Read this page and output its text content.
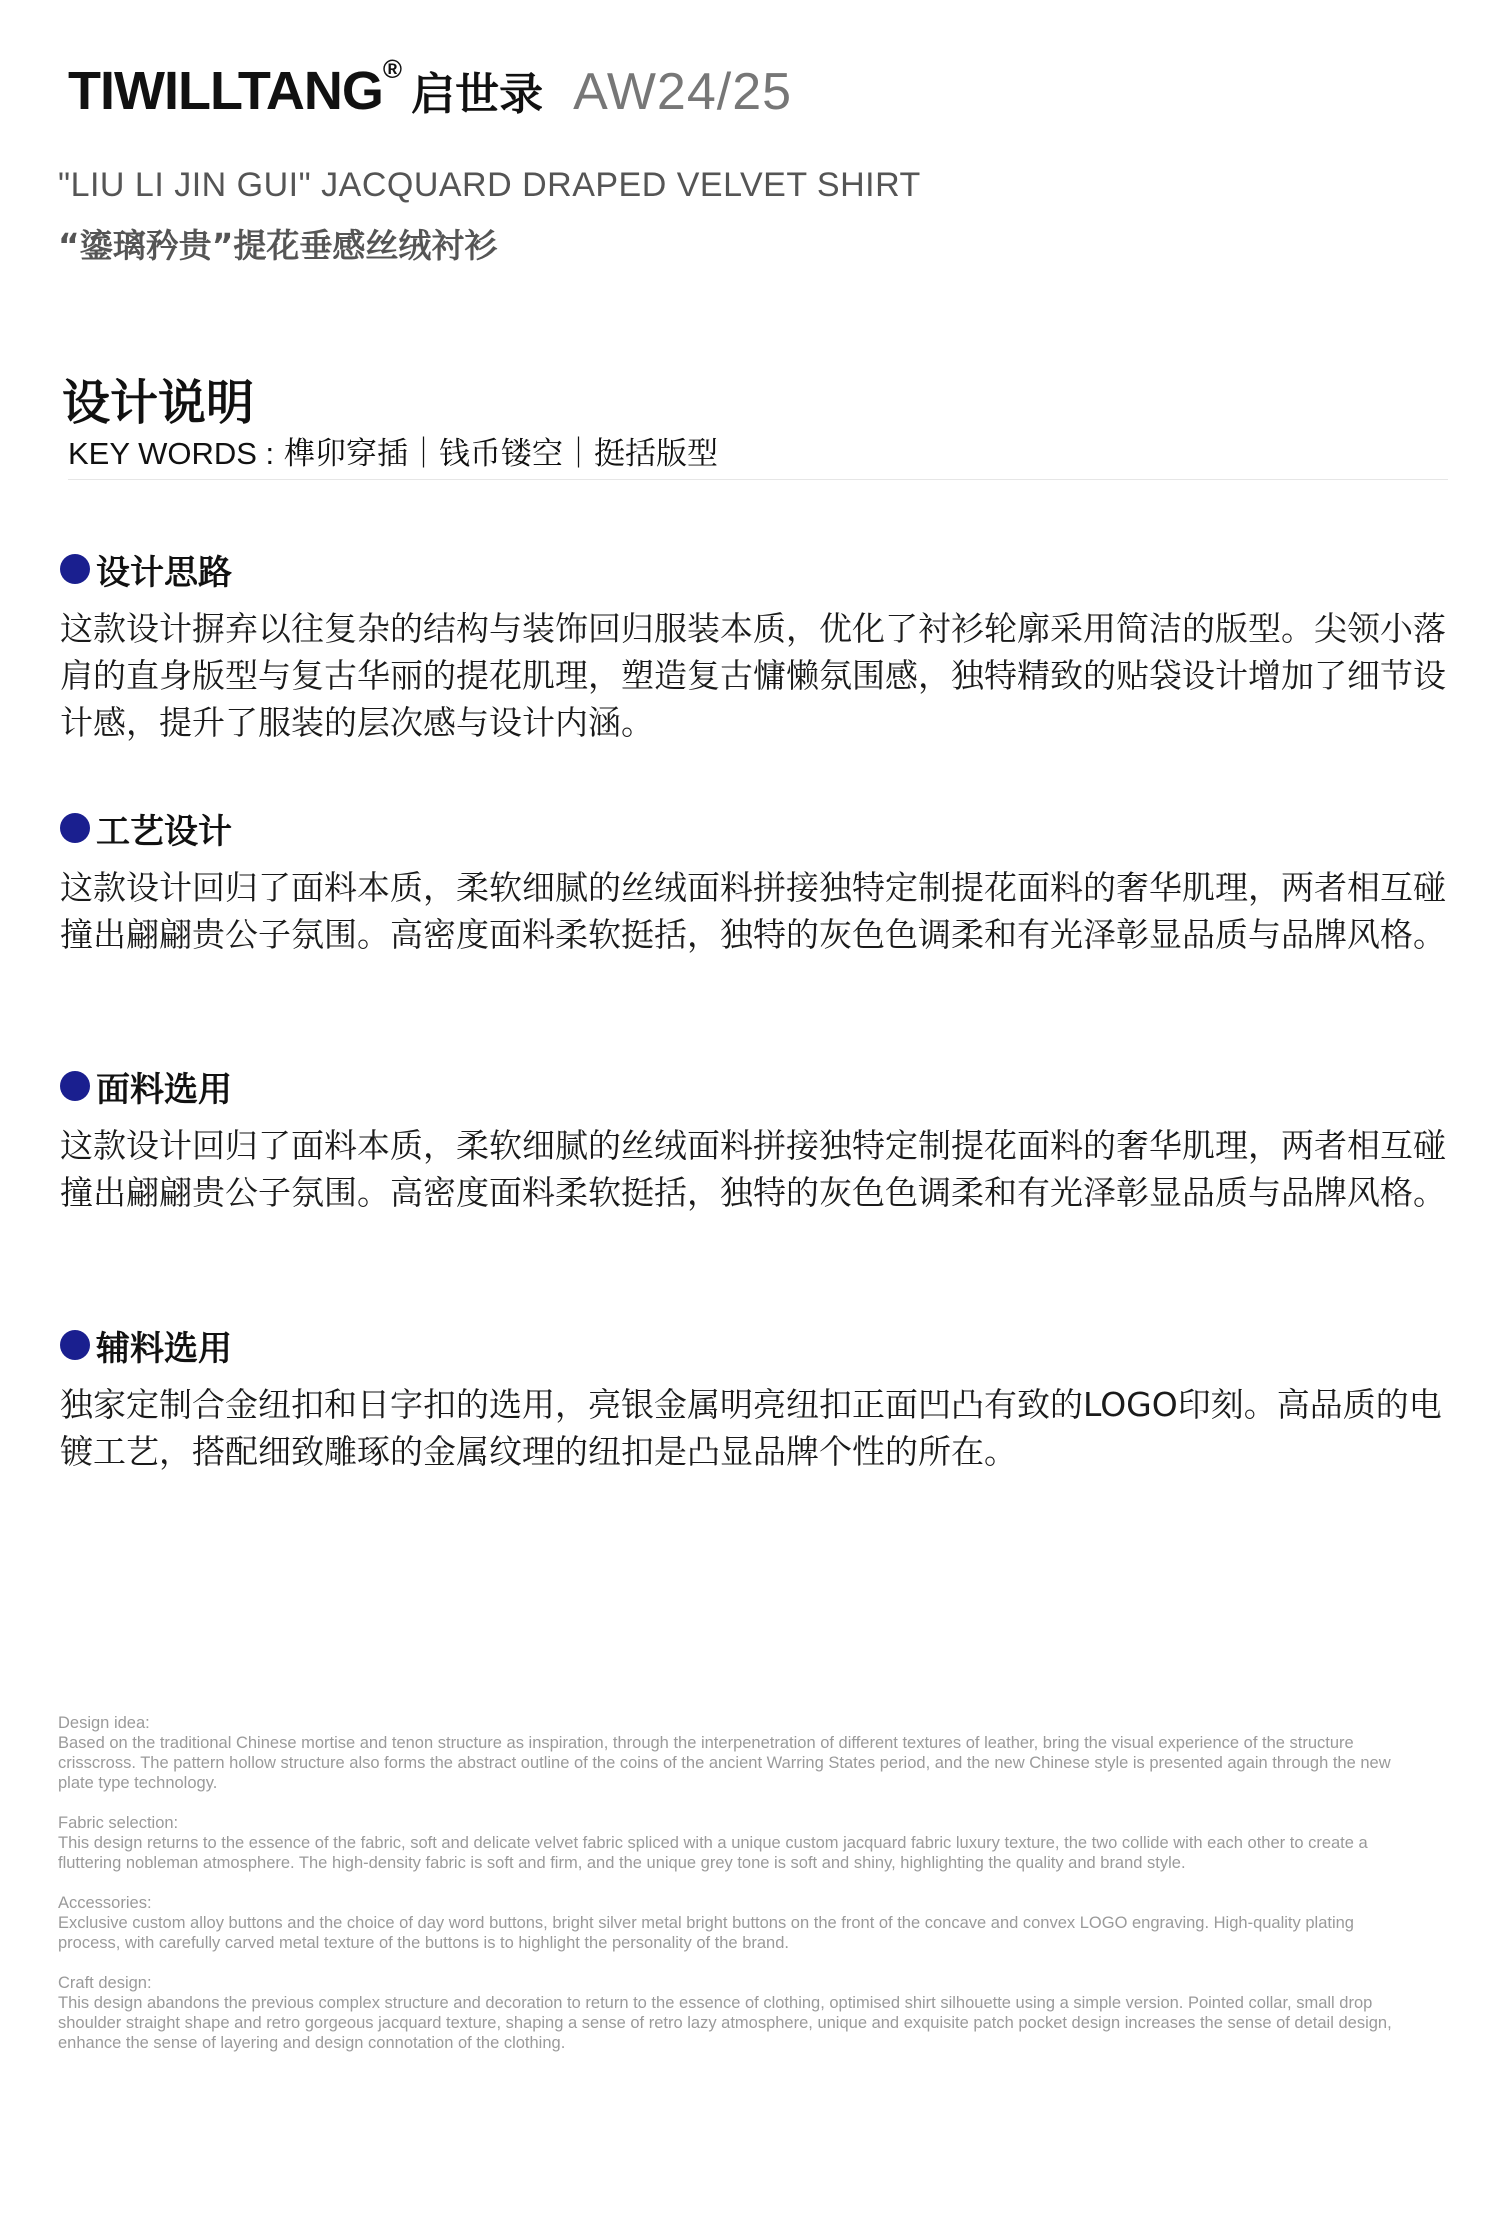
TIWILLTANG® 启世录 AW24/25
"LIU LI JIN GUI" JACQUARD DRAPED VELVET SHIRT
“鎏璃矜贵”提花垂感丝绒衬衫
设计说明
KEY WORDS : 榫卯穿插｜钱币镂空｜挺括版型
设计思路
这款设计摒弃以往复杂的结构与装饰回归服装本质，优化了衬衫轮廓采用简洁的版型。尖领小落肩的直身版型与复古华丽的提花肌理，塑造复古慵懒氛围感，独特精致的贴袋设计增加了细节设计感，提升了服装的层次感与设计内涵。
工艺设计
这款设计回归了面料本质，柔软细腻的丝绒面料拼接独特定制提花面料的奢华肌理，两者相互碰撞出翩翩贵公子氛围。高密度面料柔软挺括，独特的灰色色调柔和有光泽彰显品质与品牌风格。
面料选用
这款设计回归了面料本质，柔软细腻的丝绒面料拼接独特定制提花面料的奢华肌理，两者相互碰撞出翩翩贵公子氛围。高密度面料柔软挺括，独特的灰色色调柔和有光泽彰显品质与品牌风格。
辅料选用
独家定制合金纽扣和日字扣的选用，亮银金属明亮纽扣正面凹凸有致的LOGO印刻。高品质的电镀工艺，搭配细致雕琢的金属纹理的纽扣是凸显品牌个性的所在。
Design idea:
Based on the traditional Chinese mortise and tenon structure as inspiration, through the interpenetration of different textures of leather, bring the visual experience of the structure crisscross. The pattern hollow structure also forms the abstract outline of the coins of the ancient Warring States period, and the new Chinese style is presented again through the new plate type technology.
Fabric selection:
This design returns to the essence of the fabric, soft and delicate velvet fabric spliced with a unique custom jacquard fabric luxury texture, the two collide with each other to create a fluttering nobleman atmosphere. The high-density fabric is soft and firm, and the unique grey tone is soft and shiny, highlighting the quality and brand style.
Accessories:
Exclusive custom alloy buttons and the choice of day word buttons, bright silver metal bright buttons on the front of the concave and convex LOGO engraving. High-quality plating process, with carefully carved metal texture of the buttons is to highlight the personality of the brand.
Craft design:
This design abandons the previous complex structure and decoration to return to the essence of clothing, optimised shirt silhouette using a simple version. Pointed collar, small drop shoulder straight shape and retro gorgeous jacquard texture, shaping a sense of retro lazy atmosphere, unique and exquisite patch pocket design increases the sense of detail design, enhance the sense of layering and design connotation of the clothing.
